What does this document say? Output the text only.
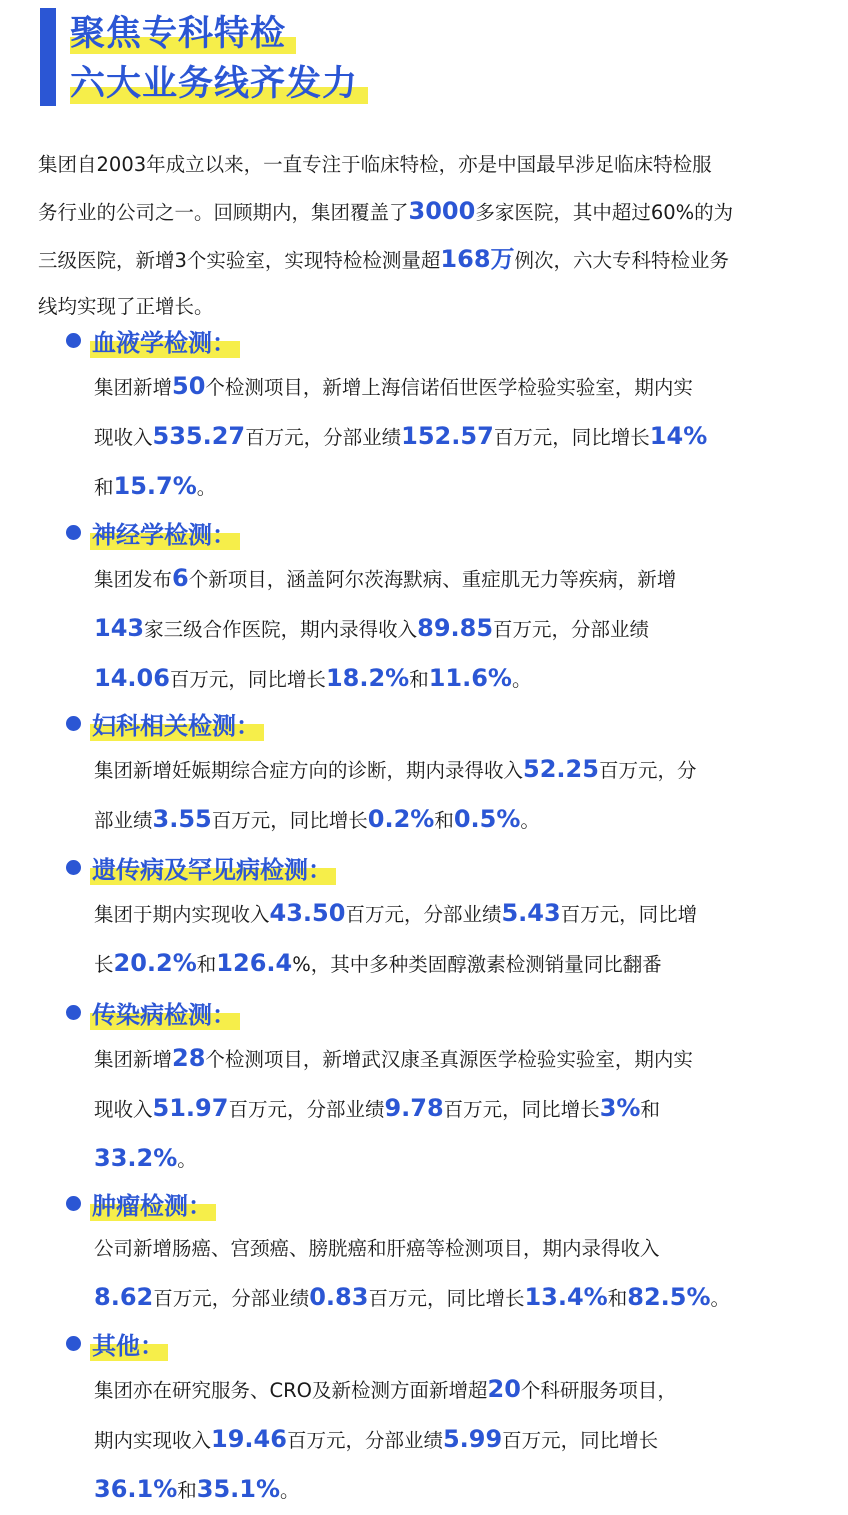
聚焦专科特检
六大业务线齐发力
集团自2003年成立以来，一直专注于临床特检，亦是中国最早涉足临床特检服
务行业的公司之一。回顾期内，集团覆盖了3000多家医院，其中超过60%的为
三级医院，新增3个实验室，实现特检检测量超168万例次，六大专科特检业务
线均实现了正增长。
血液学检测：
集团新增50个检测项目，新增上海信诺佰世医学检验实验室，期内实
现收入535.27百万元，分部业绩152.57百万元，同比增长14%
和15.7%。
神经学检测：
集团发布6个新项目，涵盖阿尔茨海默病、重症肌无力等疾病，新增
143家三级合作医院，期内录得收入89.85百万元，分部业绩
14.06百万元，同比增长18.2%和11.6%。
妇科相关检测：
集团新增妊娠期综合症方向的诊断，期内录得收入52.25百万元，分
部业绩3.55百万元，同比增长0.2%和0.5%。
遗传病及罕见病检测：
集团于期内实现收入43.50百万元，分部业绩5.43百万元，同比增
长20.2%和126.4%，其中多种类固醇激素检测销量同比翻番
传染病检测：
集团新增28个检测项目，新增武汉康圣真源医学检验实验室，期内实
现收入51.97百万元，分部业绩9.78百万元，同比增长3%和
33.2%。
肿瘤检测：
公司新增肠癌、宫颈癌、膀胱癌和肝癌等检测项目，期内录得收入
8.62百万元，分部业绩0.83百万元，同比增长13.4%和82.5%。
其他：
集团亦在研究服务、CRO及新检测方面新增超20个科研服务项目，
期内实现收入19.46百万元，分部业绩5.99百万元，同比增长
36.1%和35.1%。
